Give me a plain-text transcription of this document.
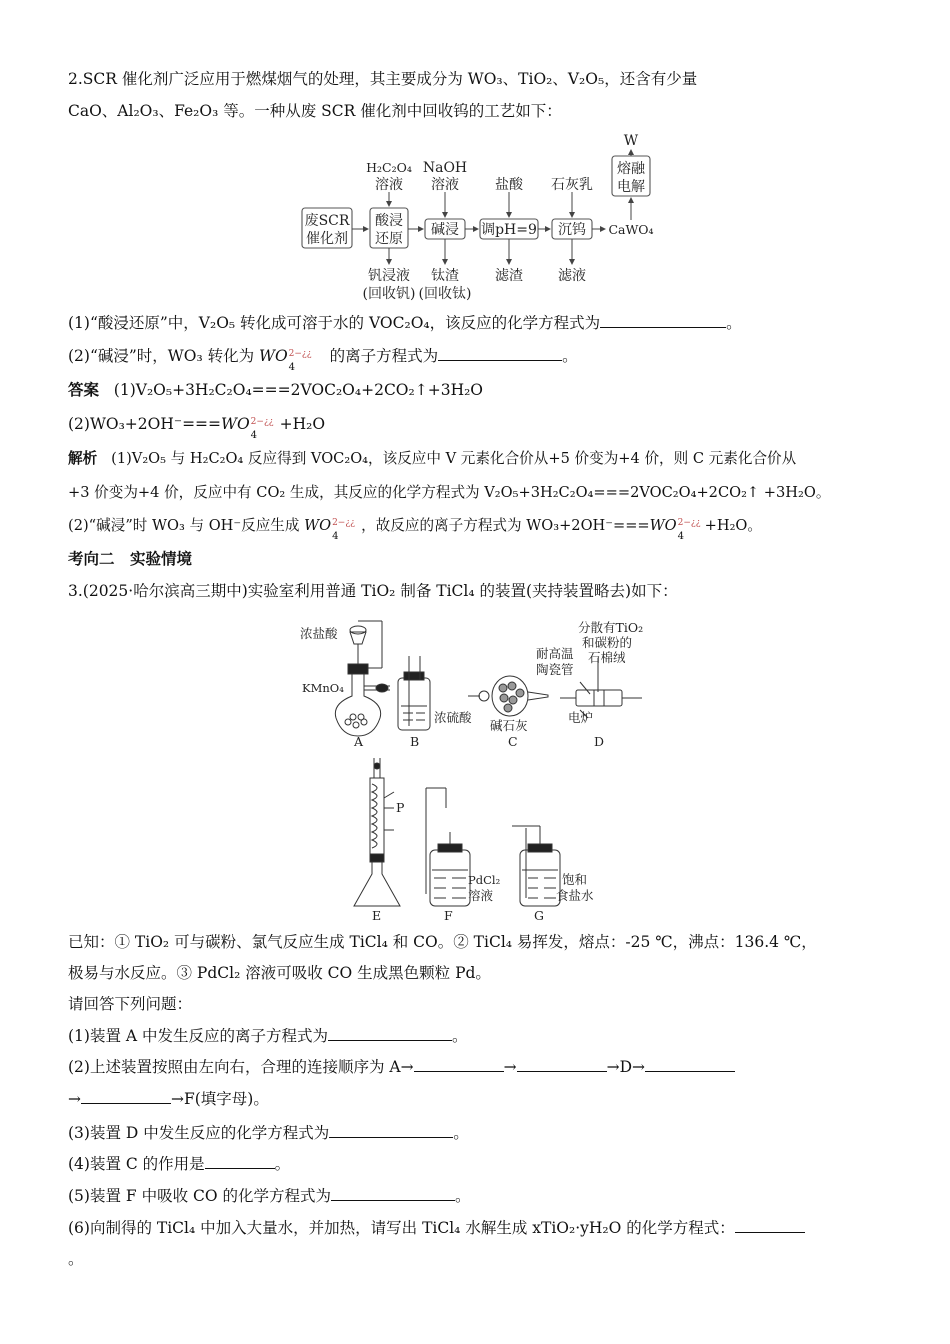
2.SCR 催化剂广泛应用于燃煤烟气的处理，其主要成分为 WO₃、TiO₂、V₂O₅，还含有少量
CaO、Al₂O₃、Fe₂O₃ 等。一种从废 SCR 催化剂中回收钨的工艺如下：
废SCR
催化剂
酸浸
还原
H₂C₂O₄
溶液
钒浸液
(回收钒)
碱浸
NaOH
溶液
钛渣
(回收钛)
调pH=9
盐酸
滤渣
沉钨
石灰乳
滤液
CaWO₄
熔融
电解
W
(1)“酸浸还原”中，V₂O₅ 转化成可溶于水的 VOC₂O₄，该反应的化学方程式为	。
(2)“碱浸”时，WO₃ 转化为 WO 2−¿¿
4
的离子方程式为	。
答案 (1)V₂O₅+3H₂C₂O₄===2VOC₂O₄+2CO₂↑+3H₂O
(2)WO₃+2OH⁻===WO 2−¿¿
4
+H₂O
解析 (1)V₂O₅ 与 H₂C₂O₄ 反应得到 VOC₂O₄，该反应中 V 元素化合价从+5 价变为+4 价，则 C 元素化合价从
+3 价变为+4 价，反应中有 CO₂ 生成，其反应的化学方程式为 V₂O₅+3H₂C₂O₄===2VOC₂O₄+2CO₂↑ +3H₂O。
(2)“碱浸”时 WO₃ 与 OH⁻反应生成 WO 2−¿¿
4
，故反应的离子方程式为 WO₃+2OH⁻===WO 2−¿¿
4
+H₂O。
考向二　实验情境
3.(2025·哈尔滨高三期中)实验室利用普通 TiO₂ 制备 TiCl₄ 的装置(夹持装置略去)如下：
浓盐酸
KMnO₄
A
浓硫酸
B
碱石灰
C
耐高温
陶瓷管
分散有TiO₂
和碳粉的
石棉绒
电炉
D
P
E
PdCl₂
溶液
F
饱和
食盐水
G
已知：① TiO₂ 可与碳粉、氯气反应生成 TiCl₄ 和 CO。② TiCl₄ 易挥发，熔点：-25 ℃，沸点：136.4 ℃，
极易与水反应。③ PdCl₂ 溶液可吸收 CO 生成黑色颗粒 Pd。
请回答下列问题：
(1)装置 A 中发生反应的离子方程式为	。
(2)上述装置按照由左向右，合理的连接顺序为 A→	→	→D→
→	→F(填字母)。
(3)装置 D 中发生反应的化学方程式为	。
(4)装置 C 的作用是	。
(5)装置 F 中吸收 CO 的化学方程式为	。
(6)向制得的 TiCl₄ 中加入大量水，并加热，请写出 TiCl₄ 水解生成 xTiO₂·yH₂O 的化学方程式：
。
